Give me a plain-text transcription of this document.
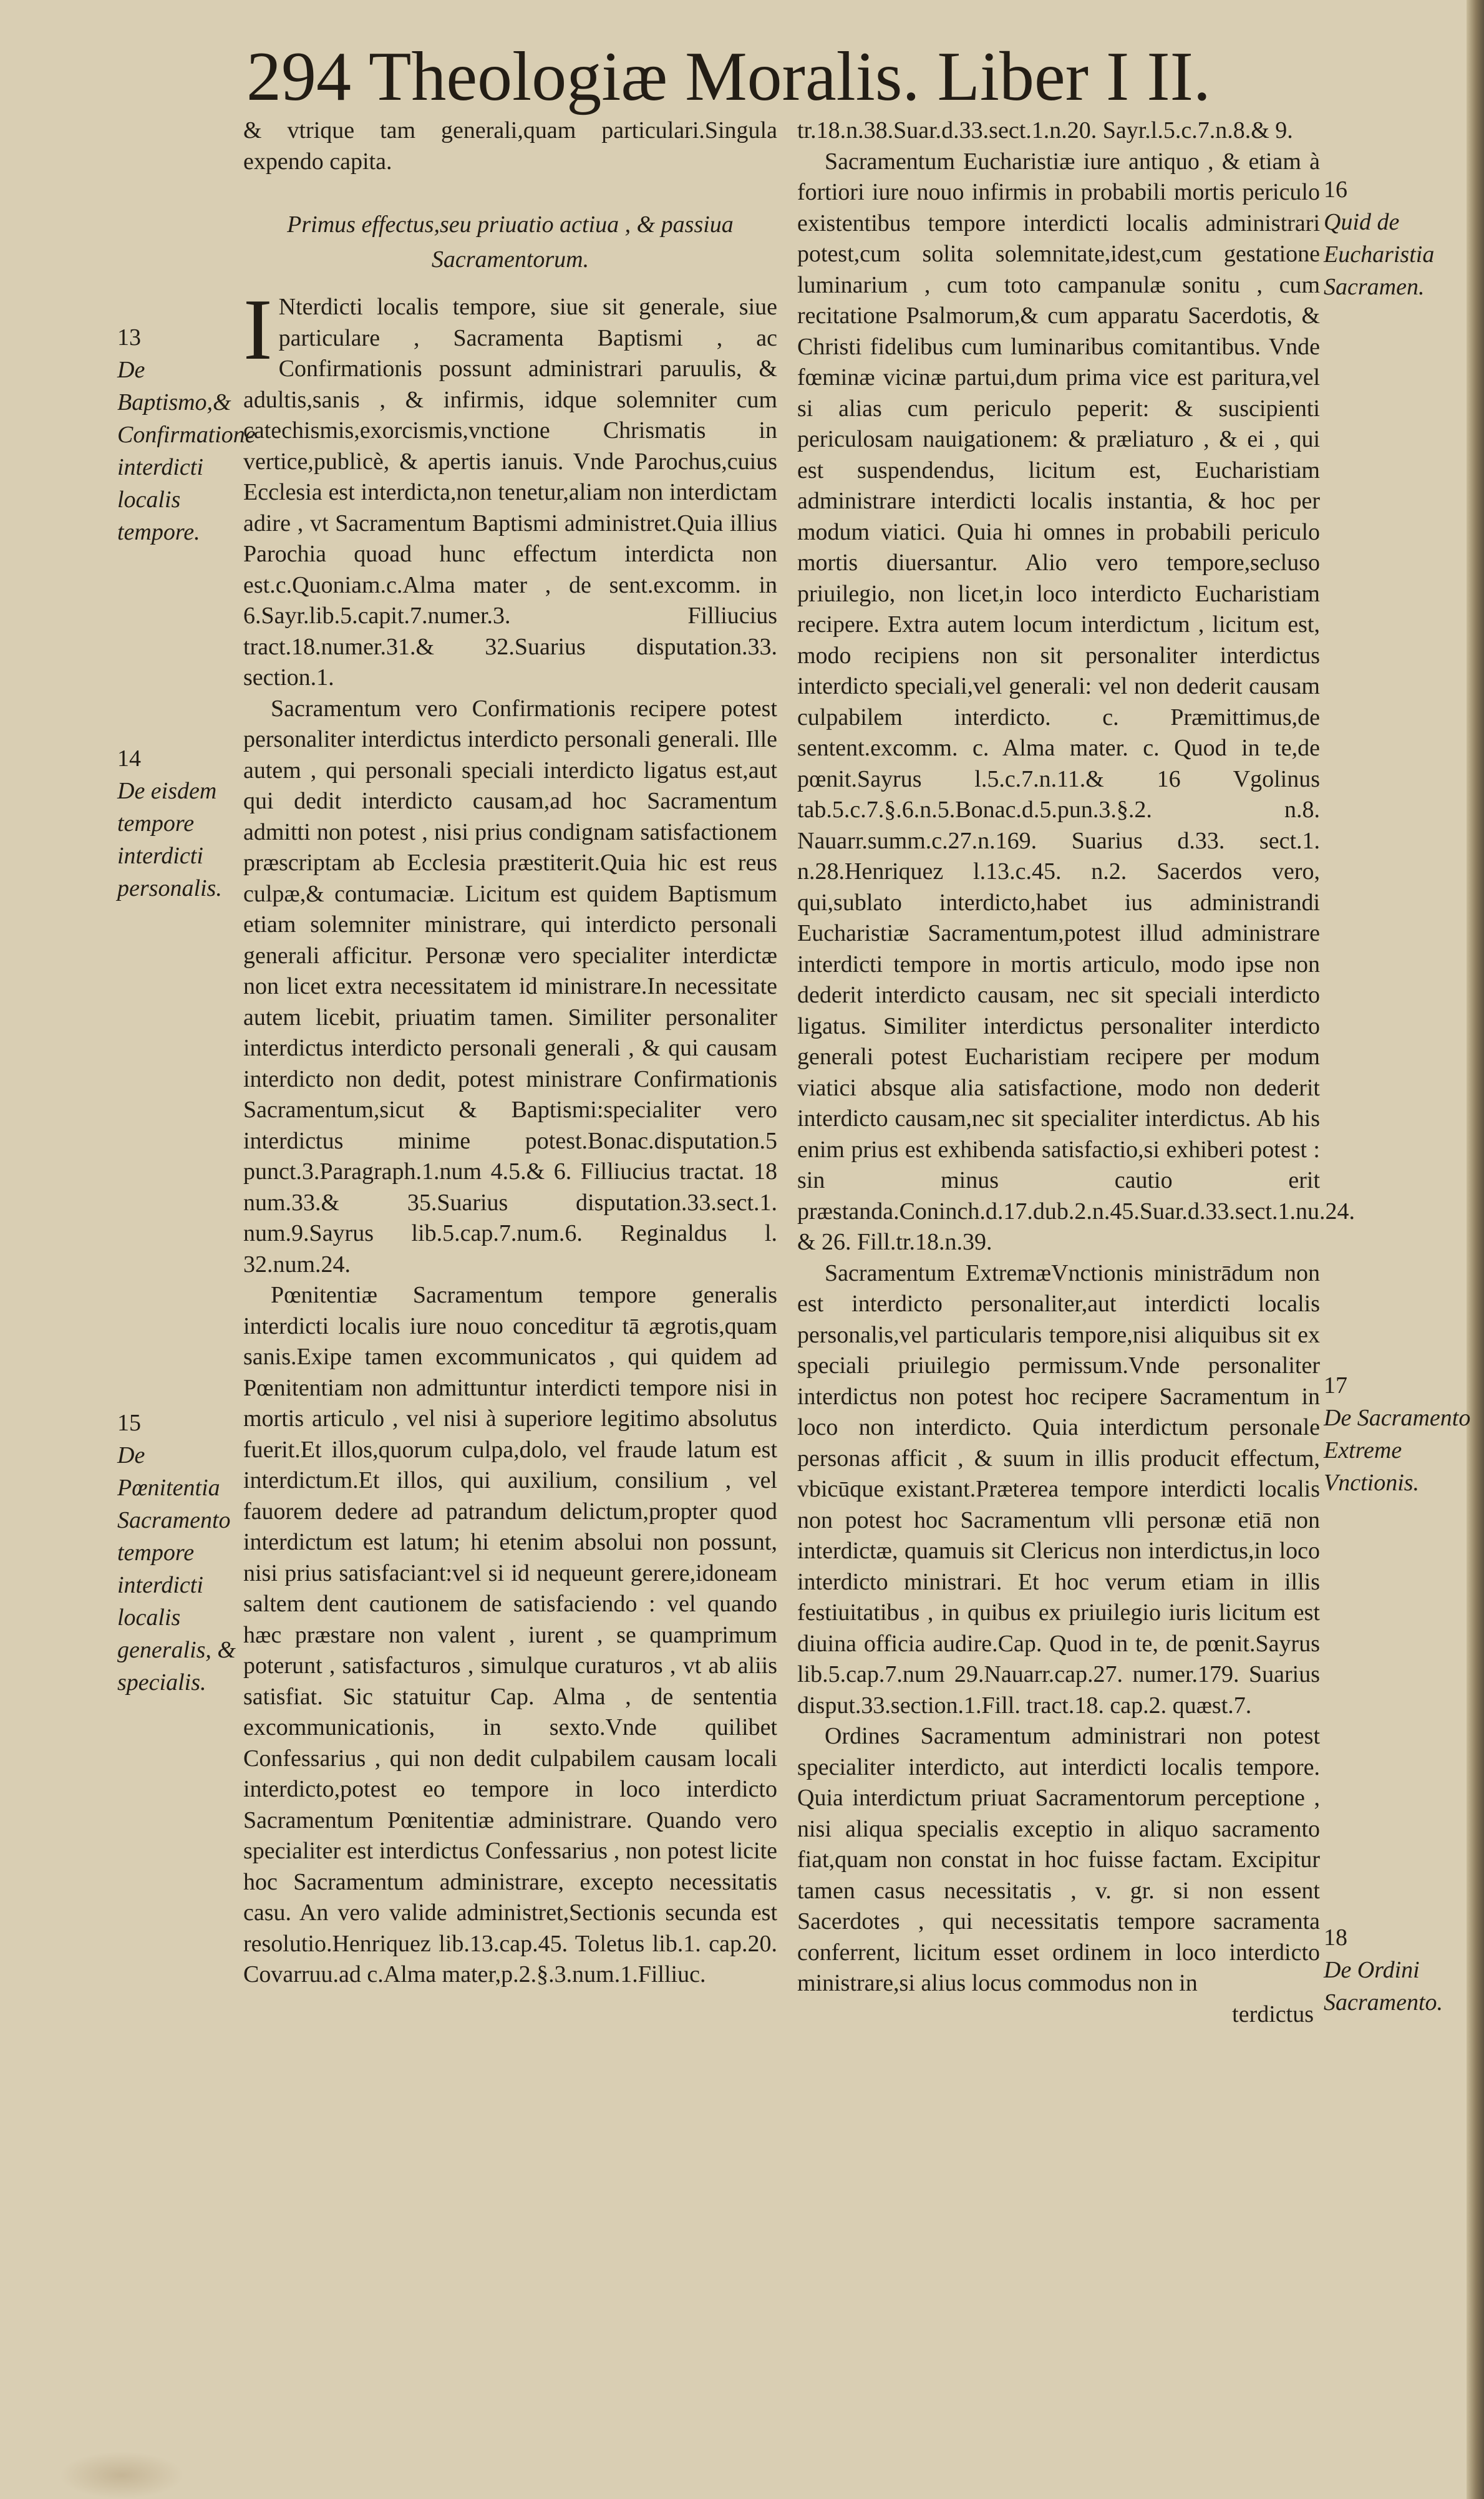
294 Theologiæ Moralis. Liber I II.

& vtrique tam generali,quam particulari.Singula expendo capita.

Primus effectus,seu priuatio actiua , & passiua Sacramentorum.

I Nterdicti localis tempore, siue sit generale, siue particulare , Sacramenta Baptismi , ac Confirmationis possunt administrari paruulis, & adultis,sanis , & infirmis, idque solemniter cum catechismis,exorcismis,vnctione Chrismatis in vertice,publicè, & apertis ianuis. Vnde Parochus,cuius Ecclesia est interdicta,non tenetur,aliam non interdictam adire , vt Sacramentum Baptismi administret.Quia illius Parochia quoad hunc effectum interdicta non est.c.Quoniam.c.Alma mater , de sent.excomm. in 6.Sayr.lib.5.capit.7.numer.3. Filliucius tract.18.numer.31.& 32.Suarius disputation.33. section.1.

Sacramentum vero Confirmationis recipere potest personaliter interdictus interdicto personali generali. Ille autem , qui personali speciali interdicto ligatus est,aut qui dedit interdicto causam,ad hoc Sacramentum admitti non potest , nisi prius condignam satisfactionem præscriptam ab Ecclesia præstiterit.Quia hic est reus culpæ,& contumaciæ. Licitum est quidem Baptismum etiam solemniter ministrare, qui interdicto personali generali afficitur. Personæ vero specialiter interdictæ non licet extra necessitatem id ministrare.In necessitate autem licebit, priuatim tamen. Similiter personaliter interdictus interdicto personali generali , & qui causam interdicto non dedit, potest ministrare Confirmationis Sacramentum,sicut & Baptismi:specialiter vero interdictus minime potest.Bonac.disputation.5 punct.3.Paragraph.1.num 4.5.& 6. Filliucius tractat. 18 num.33.& 35.Suarius disputation.33.sect.1. num.9.Sayrus lib.5.cap.7.num.6. Reginaldus l. 32.num.24.

Pœnitentiæ Sacramentum tempore generalis interdicti localis iure nouo conceditur tā ægrotis,quam sanis.Exipe tamen excommunicatos , qui quidem ad Pœnitentiam non admittuntur interdicti tempore nisi in mortis articulo , vel nisi à superiore legitimo absolutus fuerit.Et illos,quorum culpa,dolo, vel fraude latum est interdictum.Et illos, qui auxilium, consilium , vel fauorem dedere ad patrandum delictum,propter quod interdictum est latum; hi etenim absolui non possunt, nisi prius satisfaciant:vel si id nequeunt gerere,idoneam saltem dent cautionem de satisfaciendo : vel quando hæc præstare non valent , iurent , se quamprimum poterunt , satisfacturos , simulque curaturos , vt ab aliis satisfiat. Sic statuitur Cap. Alma , de sententia excommunicationis, in sexto.Vnde quilibet Confessarius , qui non dedit culpabilem causam locali interdicto,potest eo tempore in loco interdicto Sacramentum Pœnitentiæ administrare. Quando vero specialiter est interdictus Confessarius , non potest licite hoc Sacramentum administrare, excepto necessitatis casu. An vero valide administret,Sectionis secunda est resolutio.Henriquez lib.13.cap.45. Toletus lib.1. cap.20. Covarruu.ad c.Alma mater,p.2.§.3.num.1.Filliuc.

tr.18.n.38.Suar.d.33.sect.1.n.20. Sayr.l.5.c.7.n.8.& 9.

Sacramentum Eucharistiæ iure antiquo , & etiam à fortiori iure nouo infirmis in probabili mortis periculo existentibus tempore interdicti localis administrari potest,cum solita solemnitate,idest,cum gestatione luminarium , cum toto campanulæ sonitu , cum recitatione Psalmorum,& cum apparatu Sacerdotis, & Christi fidelibus cum luminaribus comitantibus. Vnde fœminæ vicinæ partui,dum prima vice est paritura,vel si alias cum periculo peperit: & suscipienti periculosam nauigationem: & præliaturo , & ei , qui est suspendendus, licitum est, Eucharistiam administrare interdicti localis instantia, & hoc per modum viatici. Quia hi omnes in probabili periculo mortis diuersantur. Alio vero tempore,secluso priuilegio, non licet,in loco interdicto Eucharistiam recipere. Extra autem locum interdictum , licitum est, modo recipiens non sit personaliter interdictus interdicto speciali,vel generali: vel non dederit causam culpabilem interdicto. c. Præmittimus,de sentent.excomm. c. Alma mater. c. Quod in te,de pœnit.Sayrus l.5.c.7.n.11.& 16 Vgolinus tab.5.c.7.§.6.n.5.Bonac.d.5.pun.3.§.2. n.8. Nauarr.summ.c.27.n.169. Suarius d.33. sect.1. n.28.Henriquez l.13.c.45. n.2. Sacerdos vero, qui,sublato interdicto,habet ius administrandi Eucharistiæ Sacramentum,potest illud administrare interdicti tempore in mortis articulo, modo ipse non dederit interdicto causam, nec sit speciali interdicto ligatus. Similiter interdictus personaliter interdicto generali potest Eucharistiam recipere per modum viatici absque alia satisfactione, modo non dederit interdicto causam,nec sit specialiter interdictus. Ab his enim prius est exhibenda satisfactio,si exhiberi potest : sin minus cautio erit præstanda.Coninch.d.17.dub.2.n.45.Suar.d.33.sect.1.nu.24. & 26. Fill.tr.18.n.39.

Sacramentum ExtremæVnctionis ministrādum non est interdicto personaliter,aut interdicti localis personalis,vel particularis tempore,nisi aliquibus sit ex speciali priuilegio permissum.Vnde personaliter interdictus non potest hoc recipere Sacramentum in loco non interdicto. Quia interdictum personale personas afficit , & suum in illis producit effectum, vbicūque existant.Præterea tempore interdicti localis non potest hoc Sacramentum vlli personæ etiā non interdictæ, quamuis sit Clericus non interdictus,in loco interdicto ministrari. Et hoc verum etiam in illis festiuitatibus , in quibus ex priuilegio iuris licitum est diuina officia audire.Cap. Quod in te, de pœnit.Sayrus lib.5.cap.7.num 29.Nauarr.cap.27. numer.179. Suarius disput.33.section.1.Fill. tract.18. cap.2. quæst.7.

Ordines Sacramentum administrari non potest specialiter interdicto, aut interdicti localis tempore. Quia interdictum priuat Sacramentorum perceptione , nisi aliqua specialis exceptio in aliquo sacramento fiat,quam non constat in hoc fuisse factam. Excipitur tamen casus necessitatis , v. gr. si non essent Sacerdotes , qui necessitatis tempore sacramenta conferrent, licitum esset ordinem in loco interdicto ministrare,si alius locus commodus non in

terdictus
13
De Baptismo,& Confirmatione interdicti localis tempore.
14
De eisdem tempore interdicti personalis.
15
De Pœnitentia Sacramento tempore interdicti localis generalis, & specialis.
16
Quid de Eucharistia Sacramen.
17
De Sacramento Extreme Vnctionis.
18
De Ordini Sacramento.
